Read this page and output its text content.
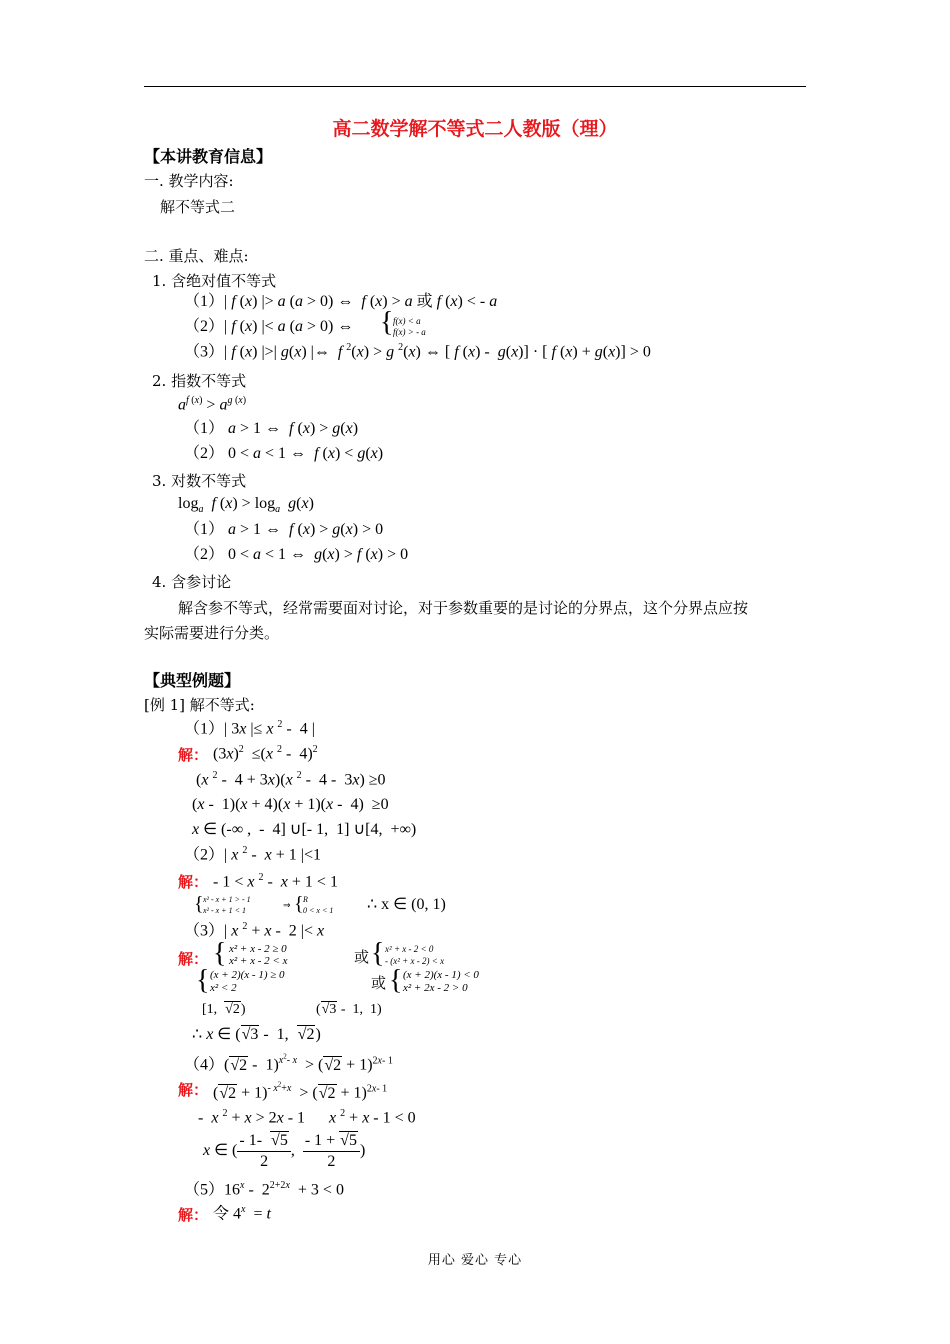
高二数学解不等式二人教版（理）
【本讲教育信息】
一. 教学内容:
解不等式二
二. 重点、难点:
1. 含绝对值不等式
（1）| f (x) |> a (a > 0) ⇔  f (x) > a 或 f (x) < - a
（2）| f (x) |< a (a > 0) ⇔ { f(x) < a
f(x) > - a
（3）| f (x) |>| g(x) |⇔  f $^2$(x) > g $^2$(x) ⇔ [ f (x) -  g(x)] · [ f (x) + g(x)] > 0
2. 指数不等式
$a^f$ $^{(x)} > a^g$ $^{(x)}$
（1） a > 1 ⇔  f (x) > g(x)
（2） 0 < a < 1 ⇔  f (x) < g(x)
3. 对数不等式
$\log_a f$ $(x) > \log_a g(x)$
（1） a > 1 ⇔  f (x) > g(x) > 0
（2） 0 < a < 1 ⇔  g(x) > f (x) > 0
4. 含参讨论
解含参不等式，经常需要面对讨论，对于参数重要的是讨论的分界点，这个分界点应按
实际需要进行分类。
【典型例题】
[例 1] 解不等式:
（1）| 3x |≤ x $^2$ -  4 |
解： $(3x)^2 \le(x$ $^2$ -  4)$^2$
(x $^2$ -  4 + 3x)(x $^2$ -  4 -  3x) ≥0
(x -  1)(x + 4)(x + 1)(x -  4)  ≥0
x ∈ (-∞ ,  -  4] ∪[- 1,  1] ∪[4,  +∞)
（2）| x $^2$ -  x + 1 |<1
解： - 1 < x $^2$ -  x + 1 < 1
{ x² - x + 1 > - 1
x² - x + 1 < 1
⇒ { R
0 < x < 1 ∴ x ∈ (0, 1)
（3）| x $^2$ + x -  2 |< x
解： { x² + x - 2 ≥ 0
x² + x - 2 < x	或 { x² + x - 2 < 0
- (x² + x - 2) < x
{ (x + 2)(x - 1) ≥ 0
x² < 2	或 { (x + 2)(x - 1) < 0
x² + 2x - 2 > 0
[1,  √2)	(√3 -  1,  1)
∴ x ∈ (√3 -  1,  √2)
$(4)(√2 - 1)^{x^2- x} > (√2 + 1)^{2x- 1}$
解： $(√2 + 1)^{- x^2+x} > (√2 + 1)^{2x- 1}$
-  x $^2$ + x > 2x - 1      x $^2$ + x - 1 < 0
x ∈ ( $\frac{- 1- √5}{2}$ , $\frac{- 1 + √5}{2}$ )
$(5)16^x - 2^{2+2x} + 3 < 0$
解： 令 4$^x$  = t
用心 爱心 专心
